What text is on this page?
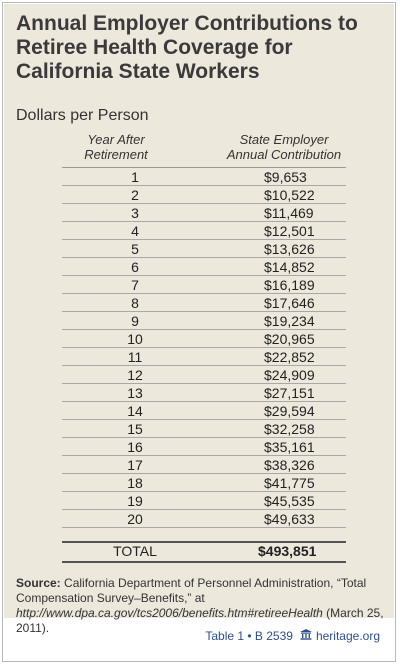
Annual Employer Contributions to Retiree Health Coverage for California State Workers
Dollars per Person
Year After
Retirement
State Employer
Annual Contribution
1	$9,653
2	$10,522
3	$11,469
4	$12,501
5	$13,626
6	$14,852
7	$16,189
8	$17,646
9	$19,234
10	$20,965
11	$22,852
12	$24,909
13	$27,151
14	$29,594
15	$32,258
16	$35,161
17	$38,326
18	$41,775
19	$45,535
20	$49,633
TOTAL	$493,851
Source: California Department of Personnel Administration, “Total Compensation Survey–Benefits,” at http://www.dpa.ca.gov/tcs2006/benefits.htm#retireeHealth (March 25, 2011).
Table 1 • B 2539 heritage.org
